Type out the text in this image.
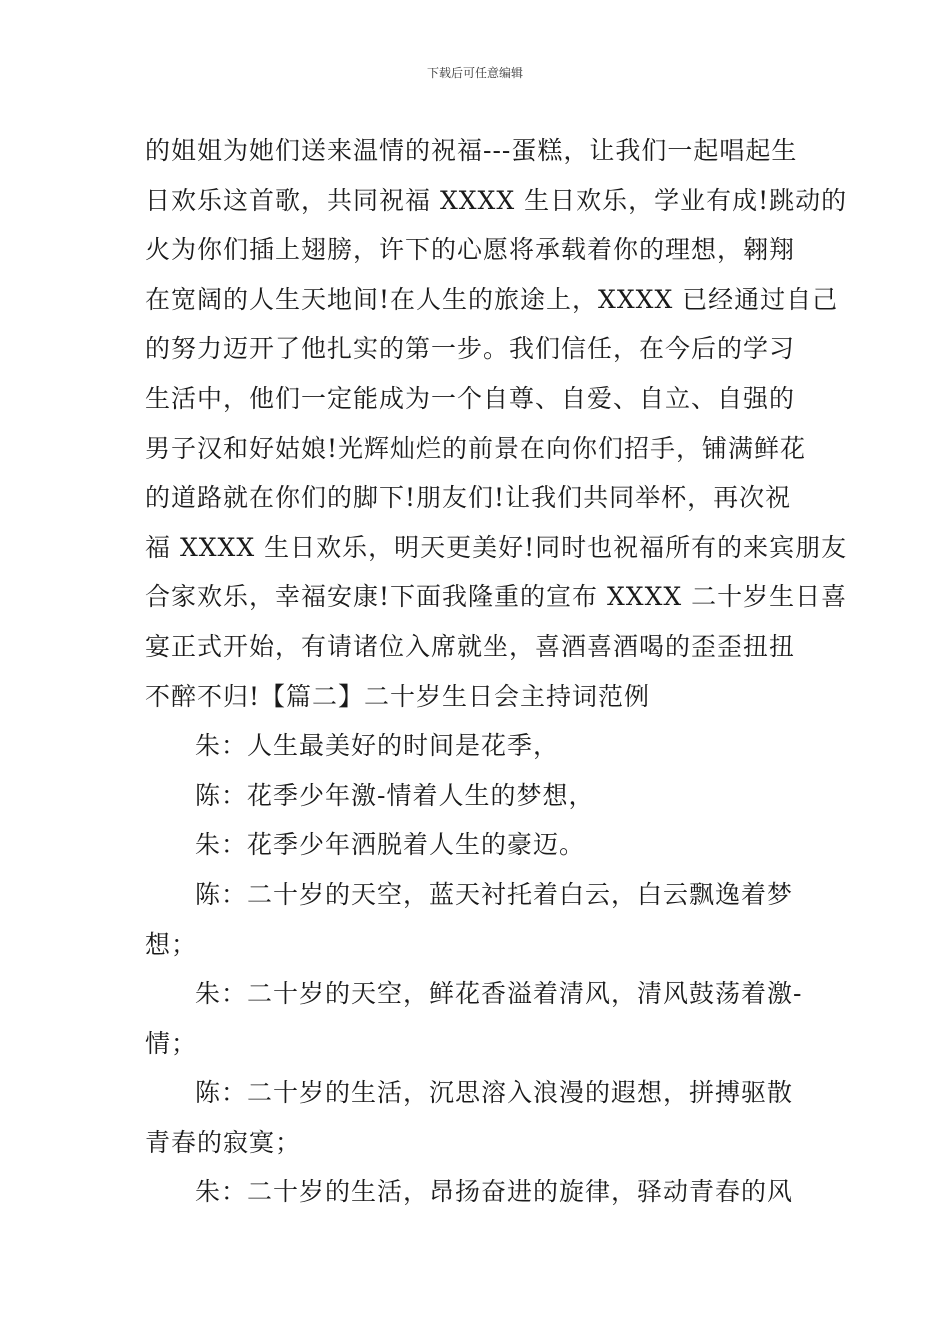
下载后可任意编辑
的姐姐为她们送来温情的祝福---蛋糕，让我们一起唱起生
日欢乐这首歌，共同祝福 XXXX 生日欢乐，学业有成!跳动的
火为你们插上翅膀，许下的心愿将承载着你的理想，翱翔
在宽阔的人生天地间!在人生的旅途上，XXXX 已经通过自己
的努力迈开了他扎实的第一步。我们信任，在今后的学习
生活中，他们一定能成为一个自尊、自爱、自立、自强的
男子汉和好姑娘!光辉灿烂的前景在向你们招手，铺满鲜花
的道路就在你们的脚下!朋友们!让我们共同举杯，再次祝
福 XXXX 生日欢乐，明天更美好!同时也祝福所有的来宾朋友
合家欢乐，幸福安康!下面我隆重的宣布 XXXX 二十岁生日喜
宴正式开始，有请诸位入席就坐，喜酒喜酒喝的歪歪扭扭
不醉不归!【篇二】二十岁生日会主持词范例
朱：人生最美好的时间是花季，
陈：花季少年激-情着人生的梦想，
朱：花季少年洒脱着人生的豪迈。
陈：二十岁的天空，蓝天衬托着白云，白云飘逸着梦
想；
朱：二十岁的天空，鲜花香溢着清风，清风鼓荡着激-
情；
陈：二十岁的生活，沉思溶入浪漫的遐想，拼搏驱散
青春的寂寞；
朱：二十岁的生活，昂扬奋进的旋律，驿动青春的风
